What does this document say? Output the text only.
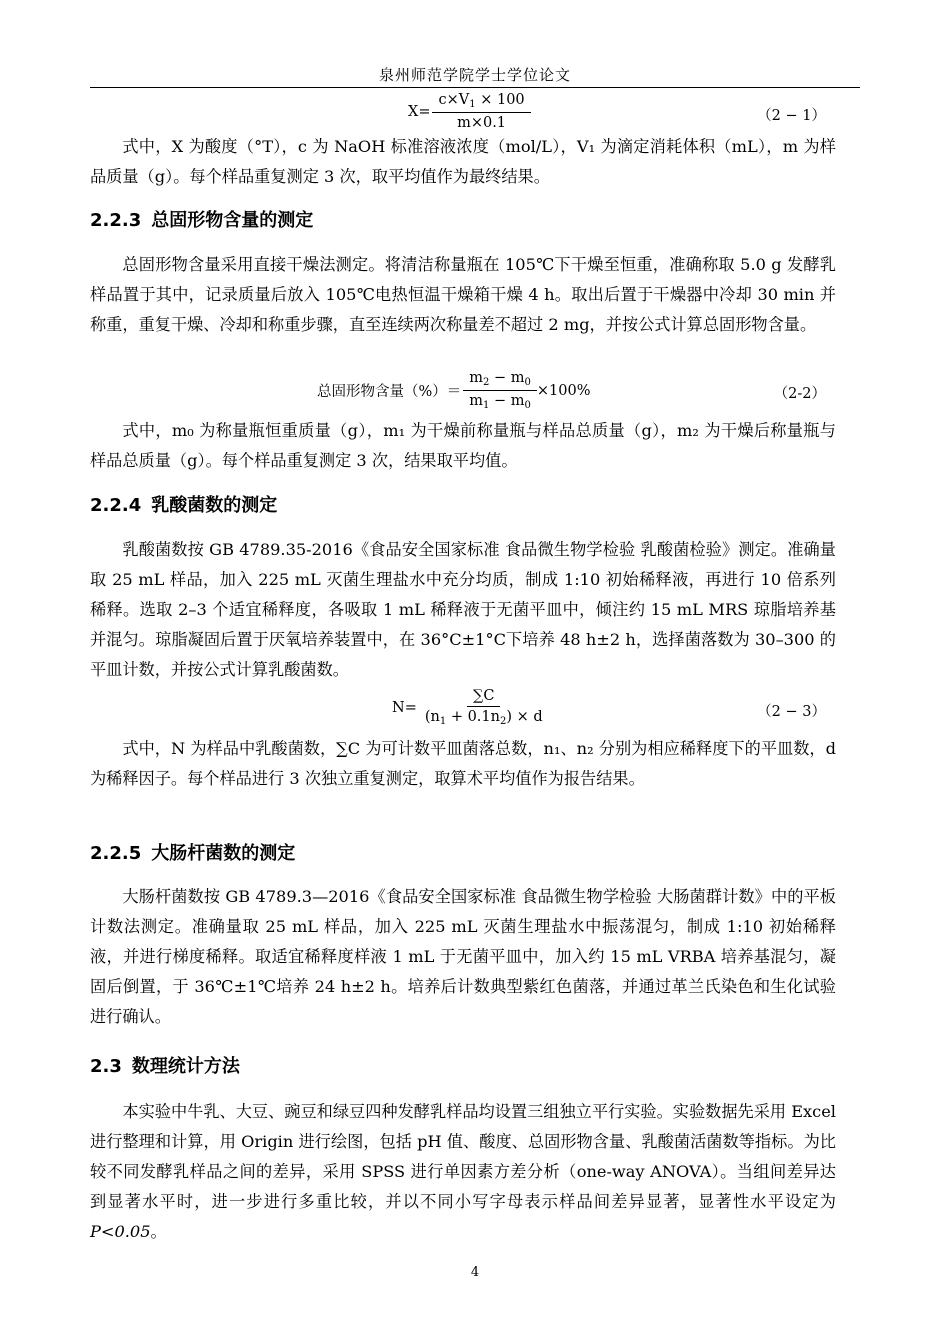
泉州师范学院学士学位论文
$X= \frac{c\times V_1 \times 100}{m\times 0.1}$	（2 − 1）

式中，X 为酸度（°T），c 为 NaOH 标准溶液浓度（mol/L），V₁ 为滴定消耗体积（mL），m 为样品质量（g）。每个样品重复测定 3 次，取平均值作为最终结果。

2.2.3 总固形物含量的测定

总固形物含量采用直接干燥法测定。将清洁称量瓶在 105℃下干燥至恒重，准确称取 5.0 g 发酵乳样品置于其中，记录质量后放入 105℃电热恒温干燥箱干燥 4 h。取出后置于干燥器中冷却 30 min 并称重，重复干燥、冷却和称重步骤，直至连续两次称量差不超过 2 mg，并按公式计算总固形物含量。

总固形物含量（%）＝ $\frac{m_2 - m_0}{m_1 - m_0} \times 100\%$	（2-2）

式中，m₀ 为称量瓶恒重质量（g），m₁ 为干燥前称量瓶与样品总质量（g），m₂ 为干燥后称量瓶与样品总质量（g）。每个样品重复测定 3 次，结果取平均值。

2.2.4 乳酸菌数的测定

乳酸菌数按 GB 4789.35-2016《食品安全国家标准 食品微生物学检验 乳酸菌检验》测定。准确量取 25 mL 样品，加入 225 mL 灭菌生理盐水中充分均质，制成 1:10 初始稀释液，再进行 10 倍系列稀释。选取 2–3 个适宜稀释度，各吸取 1 mL 稀释液于无菌平皿中，倾注约 15 mL MRS 琼脂培养基并混匀。琼脂凝固后置于厌氧培养装置中，在 36°C±1°C下培养 48 h±2 h，选择菌落数为 30–300 的平皿计数，并按公式计算乳酸菌数。

$N= \frac{\sum C}{(n_1 + 0.1n_2) \times d}$	（2 − 3）

式中，N 为样品中乳酸菌数，∑C 为可计数平皿菌落总数，n₁、n₂ 分别为相应稀释度下的平皿数，d 为稀释因子。每个样品进行 3 次独立重复测定，取算术平均值作为报告结果。

2.2.5 大肠杆菌数的测定

大肠杆菌数按 GB 4789.3—2016《食品安全国家标准 食品微生物学检验 大肠菌群计数》中的平板计数法测定。准确量取 25 mL 样品，加入 225 mL 灭菌生理盐水中振荡混匀，制成 1:10 初始稀释液，并进行梯度稀释。取适宜稀释度样液 1 mL 于无菌平皿中，加入约 15 mL VRBA 培养基混匀，凝固后倒置，于 36℃±1℃培养 24 h±2 h。培养后计数典型紫红色菌落，并通过革兰氏染色和生化试验进行确认。

2.3 数理统计方法

本实验中牛乳、大豆、豌豆和绿豆四种发酵乳样品均设置三组独立平行实验。实验数据先采用 Excel 进行整理和计算，用 Origin 进行绘图，包括 pH 值、酸度、总固形物含量、乳酸菌活菌数等指标。为比较不同发酵乳样品之间的差异，采用 SPSS 进行单因素方差分析（one-way ANOVA）。当组间差异达到显著水平时，进一步进行多重比较，并以不同小写字母表示样品间差异显著，显著性水平设定为 P<0.05。

4
